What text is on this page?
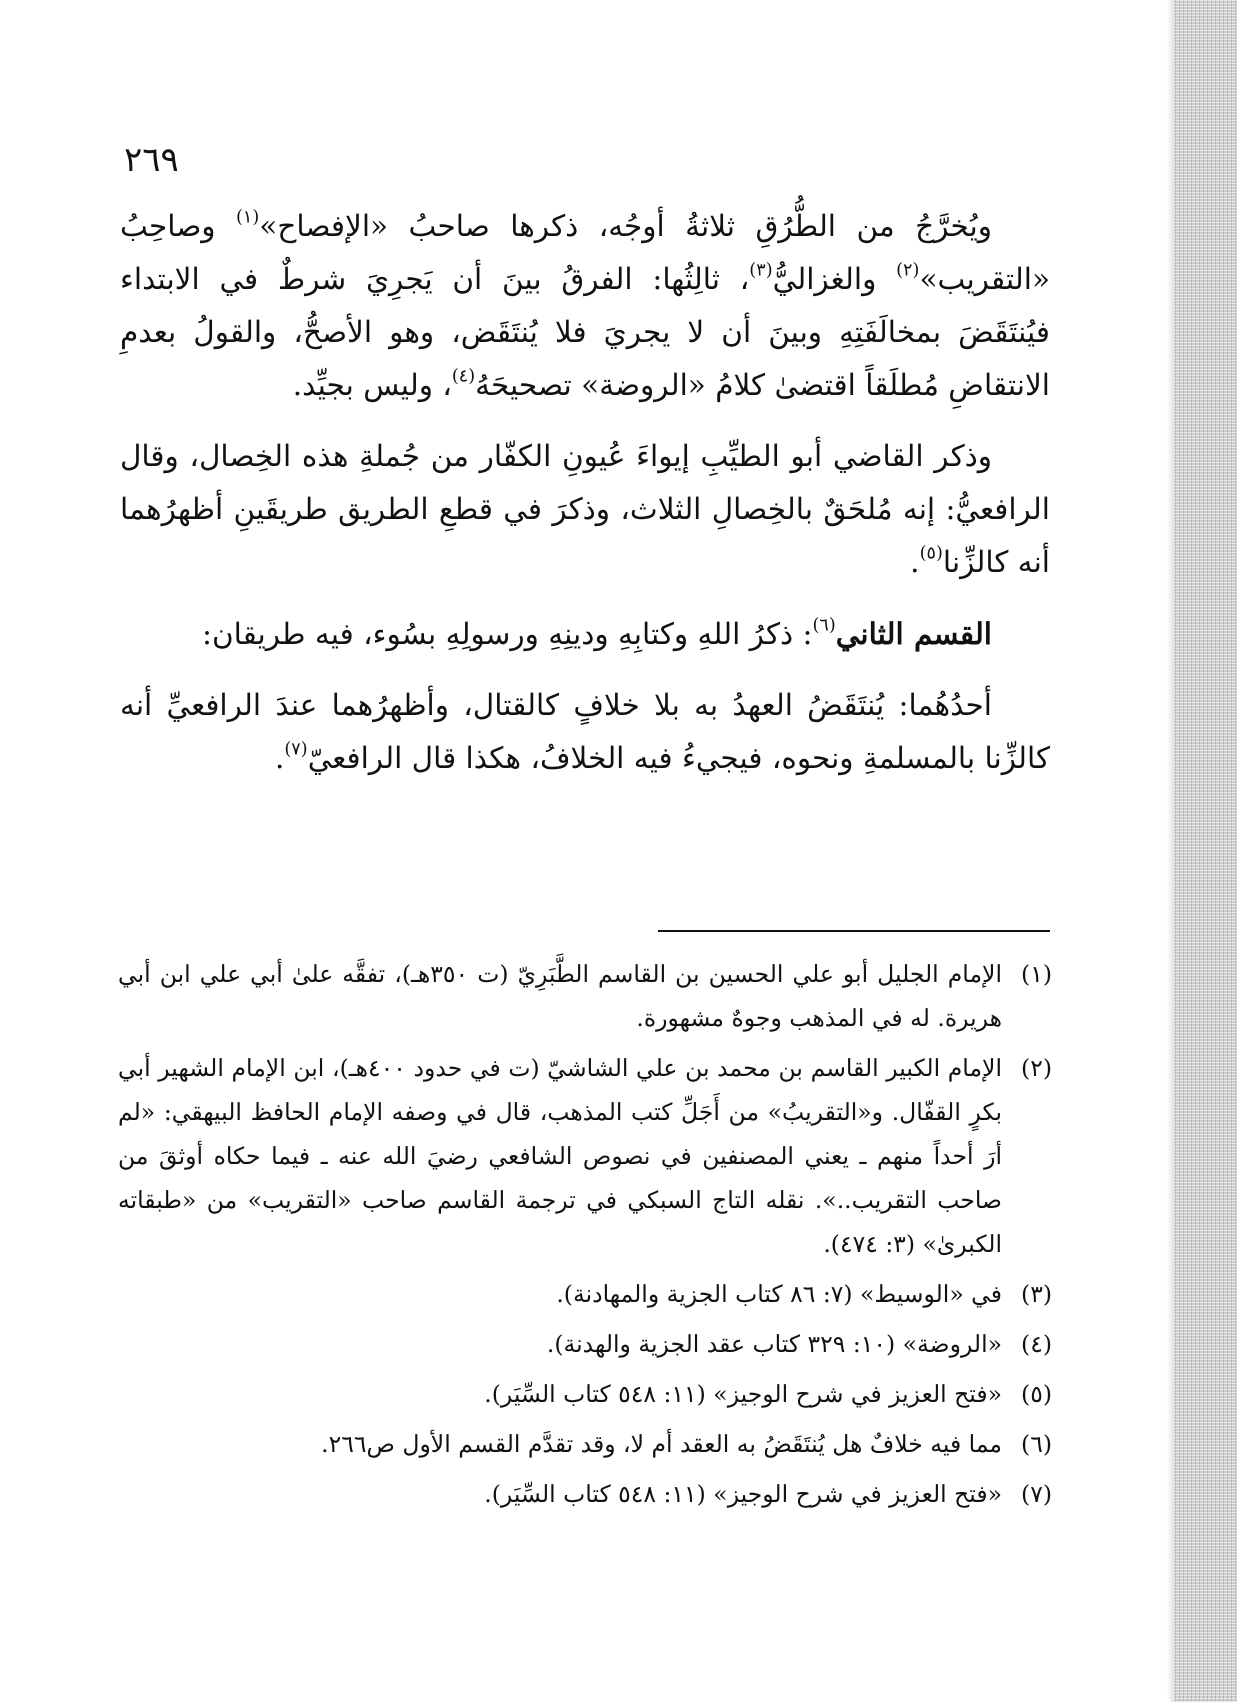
٢٦٩

ويُخرَّجُ من الطُّرُقِ ثلاثةُ أوجُه، ذكرها صاحبُ «الإفصاح»$^{(١)}$ وصاحِبُ «التقريب»$^{(٢)}$ والغزاليُّ$^{(٣)}$، ثالِثُها: الفرقُ بينَ أن يَجرِيَ شرطٌ في الابتداء فيُنتَقَضَ بمخالَفَتِهِ وبينَ أن لا يجريَ فلا يُنتَقَض، وهو الأصحُّ، والقولُ بعدمِ الانتقاضِ مُطلَقاً اقتضىٰ كلامُ «الروضة» تصحيحَهُ$^{(٤)}$، وليس بجيِّد.

وذكر القاضي أبو الطيِّبِ إيواءَ عُيونِ الكفّار من جُملةِ هذه الخِصال، وقال الرافعيُّ: إنه مُلحَقٌ بالخِصالِ الثلاث، وذكرَ في قطعِ الطريق طريقَينِ أظهرُهما أنه كالزِّنا$^{(٥)}$.

القسم الثاني$^{(٦)}$: ذكرُ اللهِ وكتابِهِ ودينِهِ ورسولِهِ بسُوء، فيه طريقان:

أحدُهُما: يُنتَقَضُ العهدُ به بلا خلافٍ كالقتال، وأظهرُهما عندَ الرافعيِّ أنه كالزِّنا بالمسلمةِ ونحوه، فيجيءُ فيه الخلافُ، هكذا قال الرافعيّ$^{(٧)}$.

(١)
الإمام الجليل أبو علي الحسين بن القاسم الطَّبَرِيّ (ت ٣٥٠هـ)، تفقَّه علىٰ أبي علي ابن أبي هريرة. له في المذهب وجوهٌ مشهورة.
(٢)
الإمام الكبير القاسم بن محمد بن علي الشاشيّ (ت في حدود ٤٠٠هـ)، ابن الإمام الشهير أبي بكرٍ القفّال. و«التقريبُ» من أَجَلِّ كتب المذهب، قال في وصفه الإمام الحافظ البيهقي: «لم أرَ أحداً منهم ـ يعني المصنفين في نصوص الشافعي رضيَ الله عنه ـ فيما حكاه أوثقَ من صاحب التقريب..». نقله التاج السبكي في ترجمة القاسم صاحب «التقريب» من «طبقاته الكبرىٰ» (٣: ٤٧٤).
(٣)
في «الوسيط» (٧: ٨٦ كتاب الجزية والمهادنة).
(٤)
«الروضة» (١٠: ٣٢٩ كتاب عقد الجزية والهدنة).
(٥)
«فتح العزيز في شرح الوجيز» (١١: ٥٤٨ كتاب السِّيَر).
(٦)
مما فيه خلافٌ هل يُنتَقَضُ به العقد أم لا، وقد تقدَّم القسم الأول ص٢٦٦.
(٧)
«فتح العزيز في شرح الوجيز» (١١: ٥٤٨ كتاب السِّيَر).
